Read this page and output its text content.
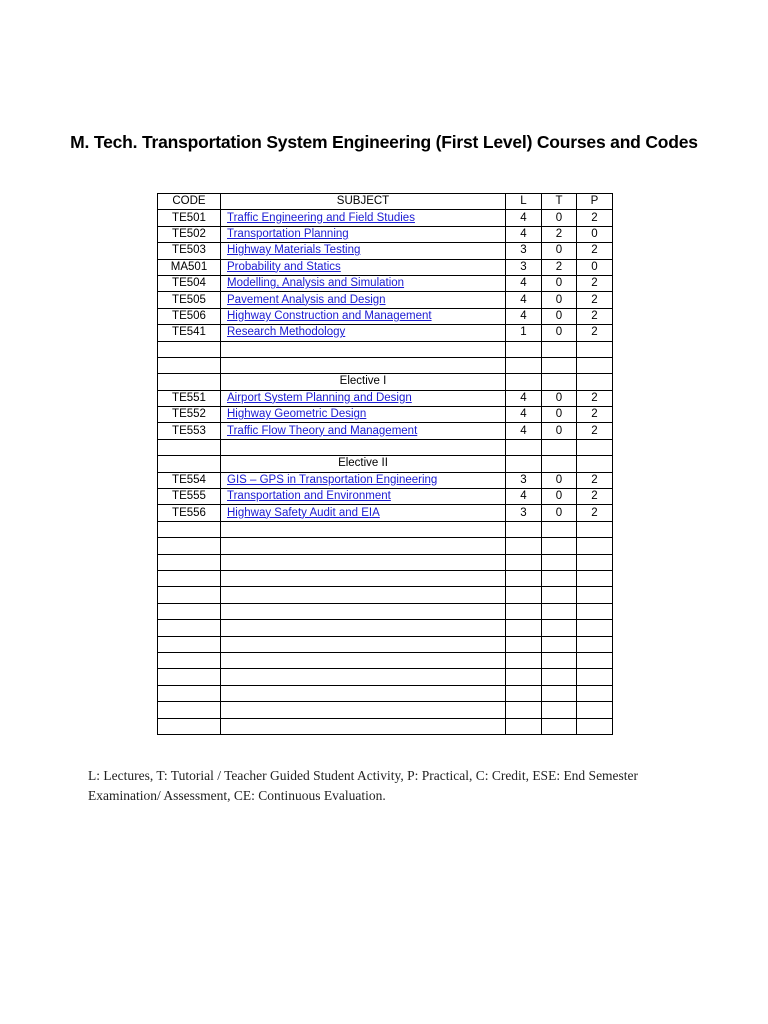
M. Tech. Transportation System Engineering (First Level) Courses and Codes
CODE	SUBJECT	L	T	P
TE501	Traffic Engineering and Field Studies	4	0	2
TE502	Transportation Planning	4	2	0
TE503	Highway Materials Testing	3	0	2
MA501	Probability and Statics	3	2	0
TE504	Modelling, Analysis and Simulation	4	0	2
TE505	Pavement Analysis and Design	4	0	2
TE506	Highway Construction and Management	4	0	2
TE541	Research Methodology	1	0	2

	Elective I			
TE551	Airport System Planning and Design	4	0	2
TE552	Highway Geometric Design	4	0	2
TE553	Traffic Flow Theory and Management	4	0	2

	Elective II			
TE554	GIS – GPS in Transportation Engineering	3	0	2
TE555	Transportation and Environment	4	0	2
TE556	Highway Safety Audit and EIA	3	0	2

L: Lectures, T: Tutorial / Teacher Guided Student Activity, P: Practical, C: Credit, ESE: End Semester Examination/ Assessment, CE: Continuous Evaluation.
